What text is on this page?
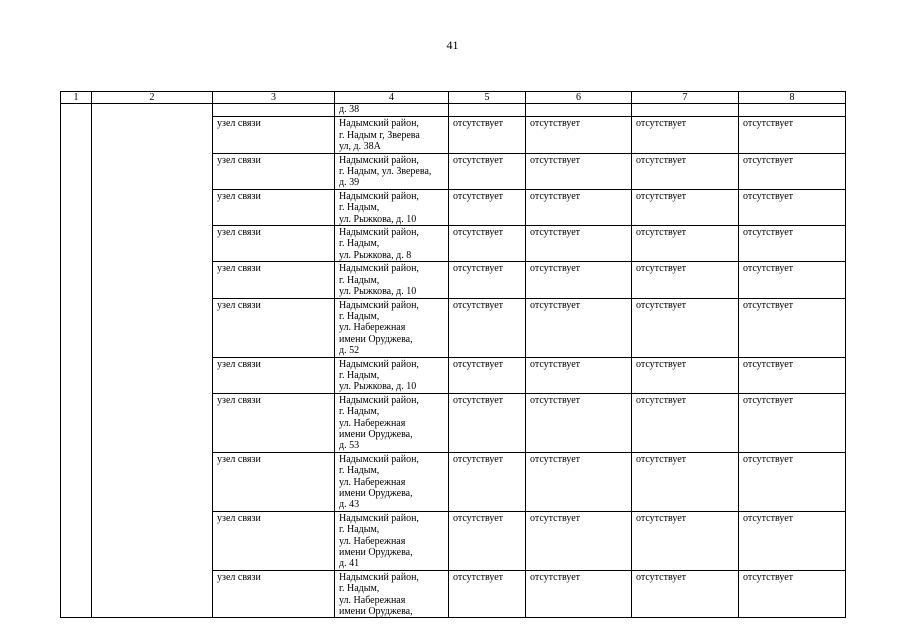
41
1	2	3	4	5	6	7	8

			д. 38				

		узел связи	Надымский район,
г. Надым г, Зверева
ул, д. 38А	отсутствует	отсутствует	отсутствует	отсутствует
		узел связи	Надымский район,
г. Надым, ул. Зверева,
д. 39	отсутствует	отсутствует	отсутствует	отсутствует
		узел связи	Надымский район,
г. Надым,
ул. Рыжкова, д. 10	отсутствует	отсутствует	отсутствует	отсутствует
		узел связи	Надымский район,
г. Надым,
ул. Рыжкова, д. 8	отсутствует	отсутствует	отсутствует	отсутствует
		узел связи	Надымский район,
г. Надым,
ул. Рыжкова, д. 10	отсутствует	отсутствует	отсутствует	отсутствует
		узел связи	Надымский район,
г. Надым,
ул. Набережная
имени Оруджева,
д. 52	отсутствует	отсутствует	отсутствует	отсутствует
		узел связи	Надымский район,
г. Надым,
ул. Рыжкова, д. 10	отсутствует	отсутствует	отсутствует	отсутствует
		узел связи	Надымский район,
г. Надым,
ул. Набережная
имени Оруджева,
д. 53	отсутствует	отсутствует	отсутствует	отсутствует
		узел связи	Надымский район,
г. Надым,
ул. Набережная
имени Оруджева,
д. 43	отсутствует	отсутствует	отсутствует	отсутствует
		узел связи	Надымский район,
г. Надым,
ул. Набережная
имени Оруджева,
д. 41	отсутствует	отсутствует	отсутствует	отсутствует
		узел связи	Надымский район,
г. Надым,
ул. Набережная
имени Оруджева,	отсутствует	отсутствует	отсутствует	отсутствует
